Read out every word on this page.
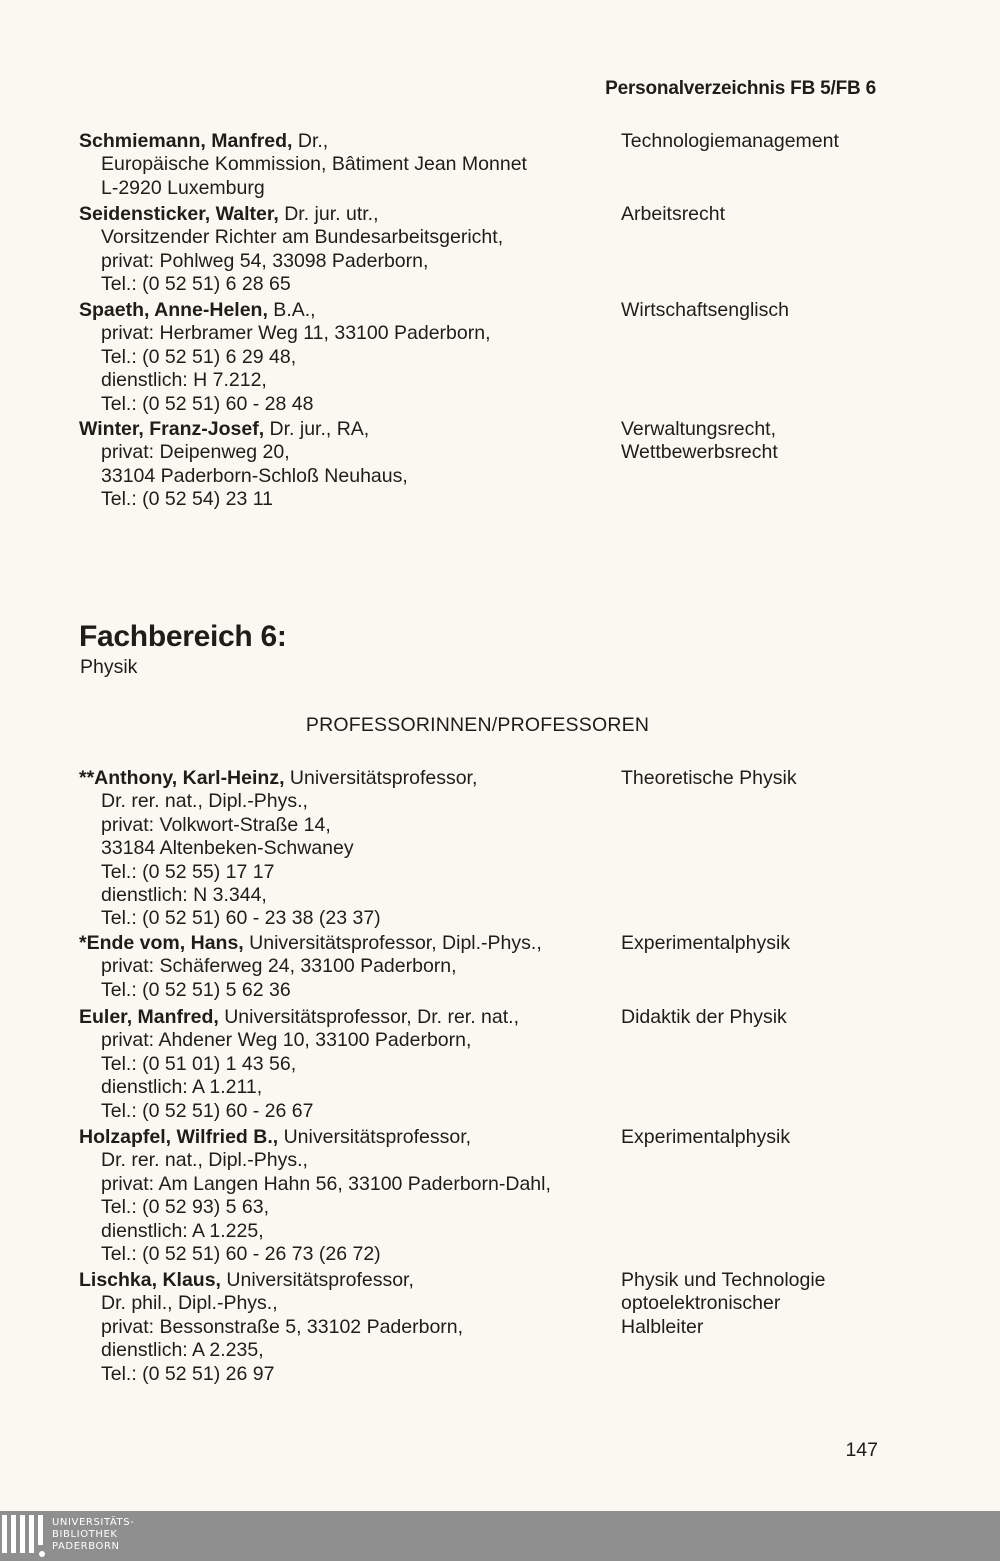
Personalverzeichnis FB 5/FB 6
Schmiemann, Manfred, Dr.,
Europäische Kommission, Bâtiment Jean Monnet
L-2920 Luxemburg
Technologiemanagement
Seidensticker, Walter, Dr. jur. utr.,
Vorsitzender Richter am Bundesarbeitsgericht,
privat: Pohlweg 54, 33098 Paderborn,
Tel.: (0 52 51) 6 28 65
Arbeitsrecht
Spaeth, Anne-Helen, B.A.,
privat: Herbramer Weg 11, 33100 Paderborn,
Tel.: (0 52 51) 6 29 48,
dienstlich: H 7.212,
Tel.: (0 52 51) 60 - 28 48
Wirtschaftsenglisch
Winter, Franz-Josef, Dr. jur., RA,
privat: Deipenweg 20,
33104 Paderborn-Schloß Neuhaus,
Tel.: (0 52 54) 23 11
Verwaltungsrecht,
Wettbewerbsrecht
Fachbereich 6:
Physik
PROFESSORINNEN/PROFESSOREN
**Anthony, Karl-Heinz, Universitätsprofessor,
Dr. rer. nat., Dipl.-Phys.,
privat: Volkwort-Straße 14,
33184 Altenbeken-Schwaney
Tel.: (0 52 55) 17 17
dienstlich: N 3.344,
Tel.: (0 52 51) 60 - 23 38 (23 37)
Theoretische Physik
*Ende vom, Hans, Universitätsprofessor, Dipl.-Phys.,
privat: Schäferweg 24, 33100 Paderborn,
Tel.: (0 52 51) 5 62 36
Experimentalphysik
Euler, Manfred, Universitätsprofessor, Dr. rer. nat.,
privat: Ahdener Weg 10, 33100 Paderborn,
Tel.: (0 51 01) 1 43 56,
dienstlich: A 1.211,
Tel.: (0 52 51) 60 - 26 67
Didaktik der Physik
Holzapfel, Wilfried B., Universitätsprofessor,
Dr. rer. nat., Dipl.-Phys.,
privat: Am Langen Hahn 56, 33100 Paderborn-Dahl,
Tel.: (0 52 93) 5 63,
dienstlich: A 1.225,
Tel.: (0 52 51) 60 - 26 73 (26 72)
Experimentalphysik
Lischka, Klaus, Universitätsprofessor,
Dr. phil., Dipl.-Phys.,
privat: Bessonstraße 5, 33102 Paderborn,
dienstlich: A 2.235,
Tel.: (0 52 51) 26 97
Physik und Technologie
optoelektronischer
Halbleiter
147
UNIVERSITÄTS-
BIBLIOTHEK
PADERBORN
